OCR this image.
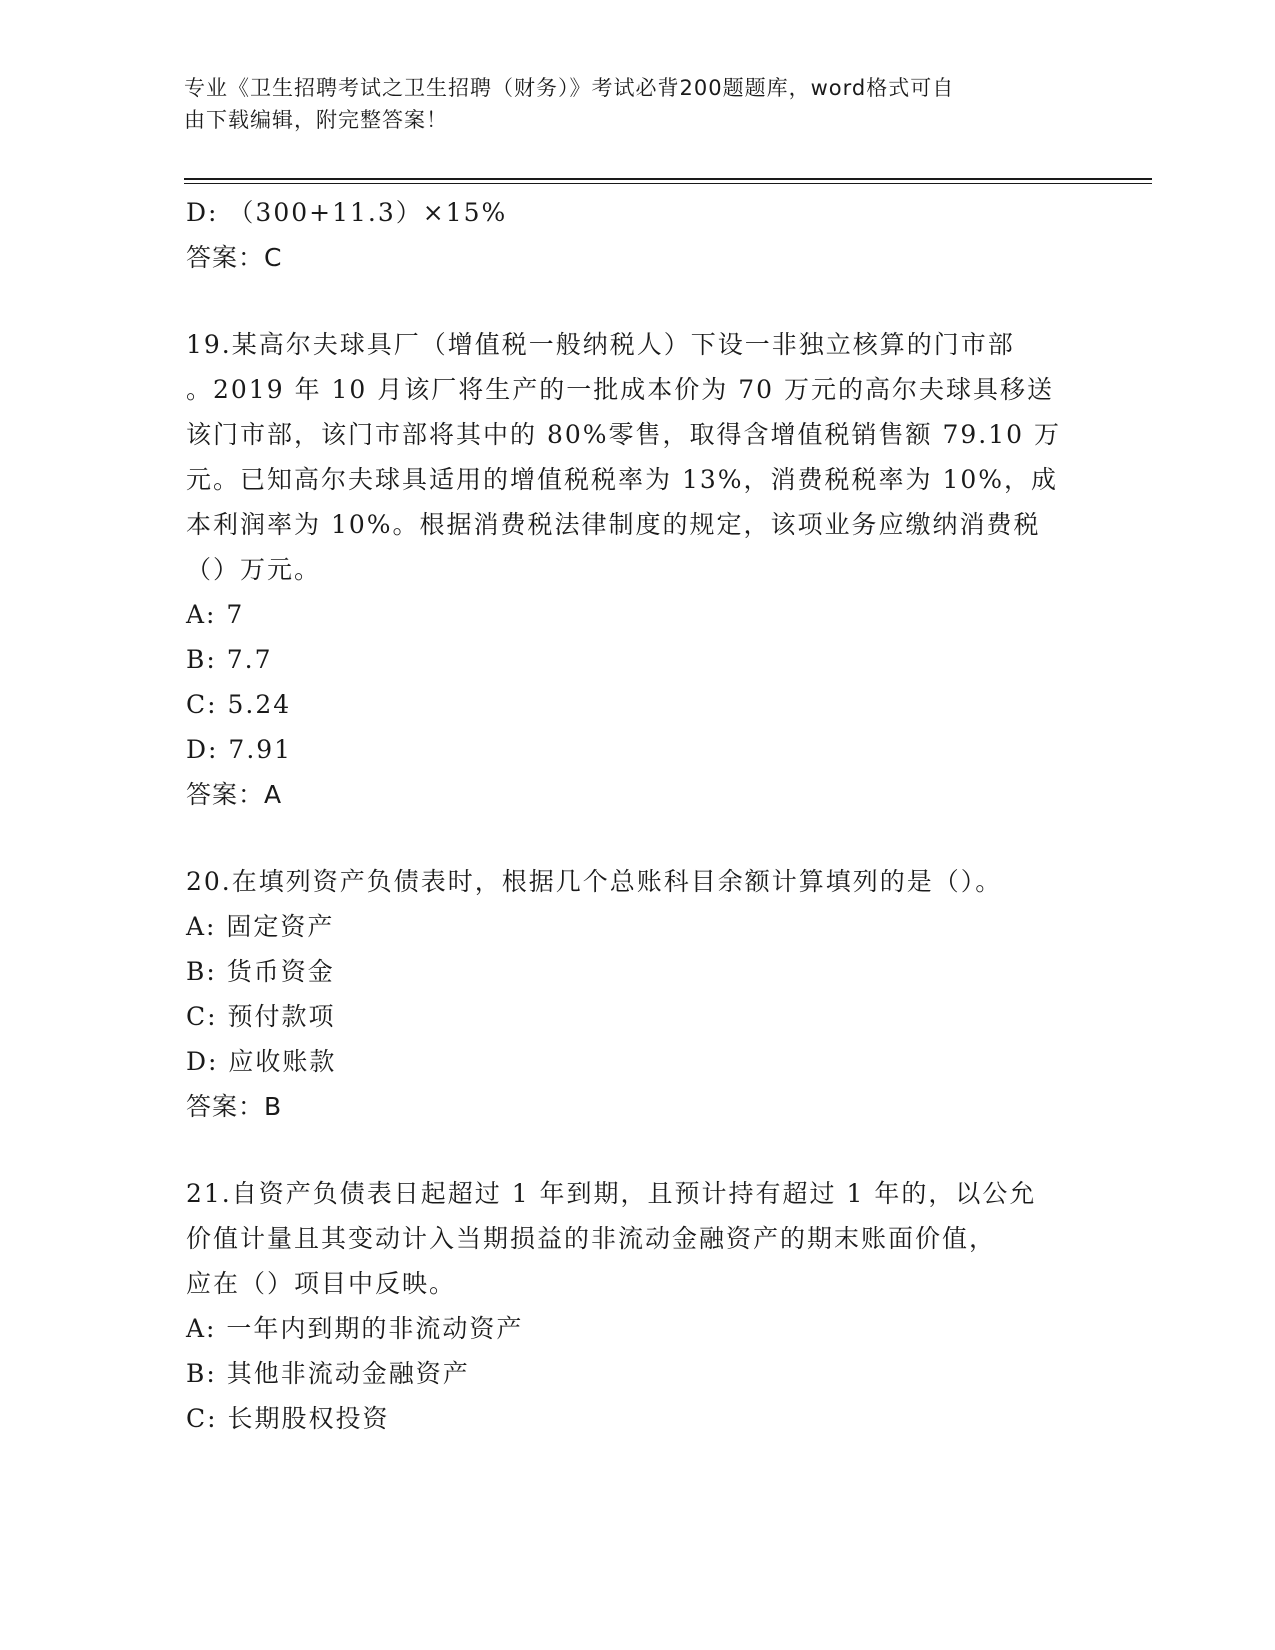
专业《卫生招聘考试之卫生招聘（财务）》考试必背200题题库，word格式可自
由下载编辑，附完整答案！
D: （300+11.3）×15%
答案：C
19.某高尔夫球具厂（增值税一般纳税人）下设一非独立核算的门市部
。2019 年 10 月该厂将生产的一批成本价为 70 万元的高尔夫球具移送
该门市部，该门市部将其中的 80%零售，取得含增值税销售额 79.10 万
元。已知高尔夫球具适用的增值税税率为 13%，消费税税率为 10%，成
本利润率为 10%。根据消费税法律制度的规定，该项业务应缴纳消费税
（）万元。
A: 7
B: 7.7
C: 5.24
D: 7.91
答案：A
20.在填列资产负债表时，根据几个总账科目余额计算填列的是（）。
A: 固定资产
B: 货币资金
C: 预付款项
D: 应收账款
答案：B
21.自资产负债表日起超过 1 年到期，且预计持有超过 1 年的，以公允
价值计量且其变动计入当期损益的非流动金融资产的期末账面价值，
应在（）项目中反映。
A: 一年内到期的非流动资产
B: 其他非流动金融资产
C: 长期股权投资
